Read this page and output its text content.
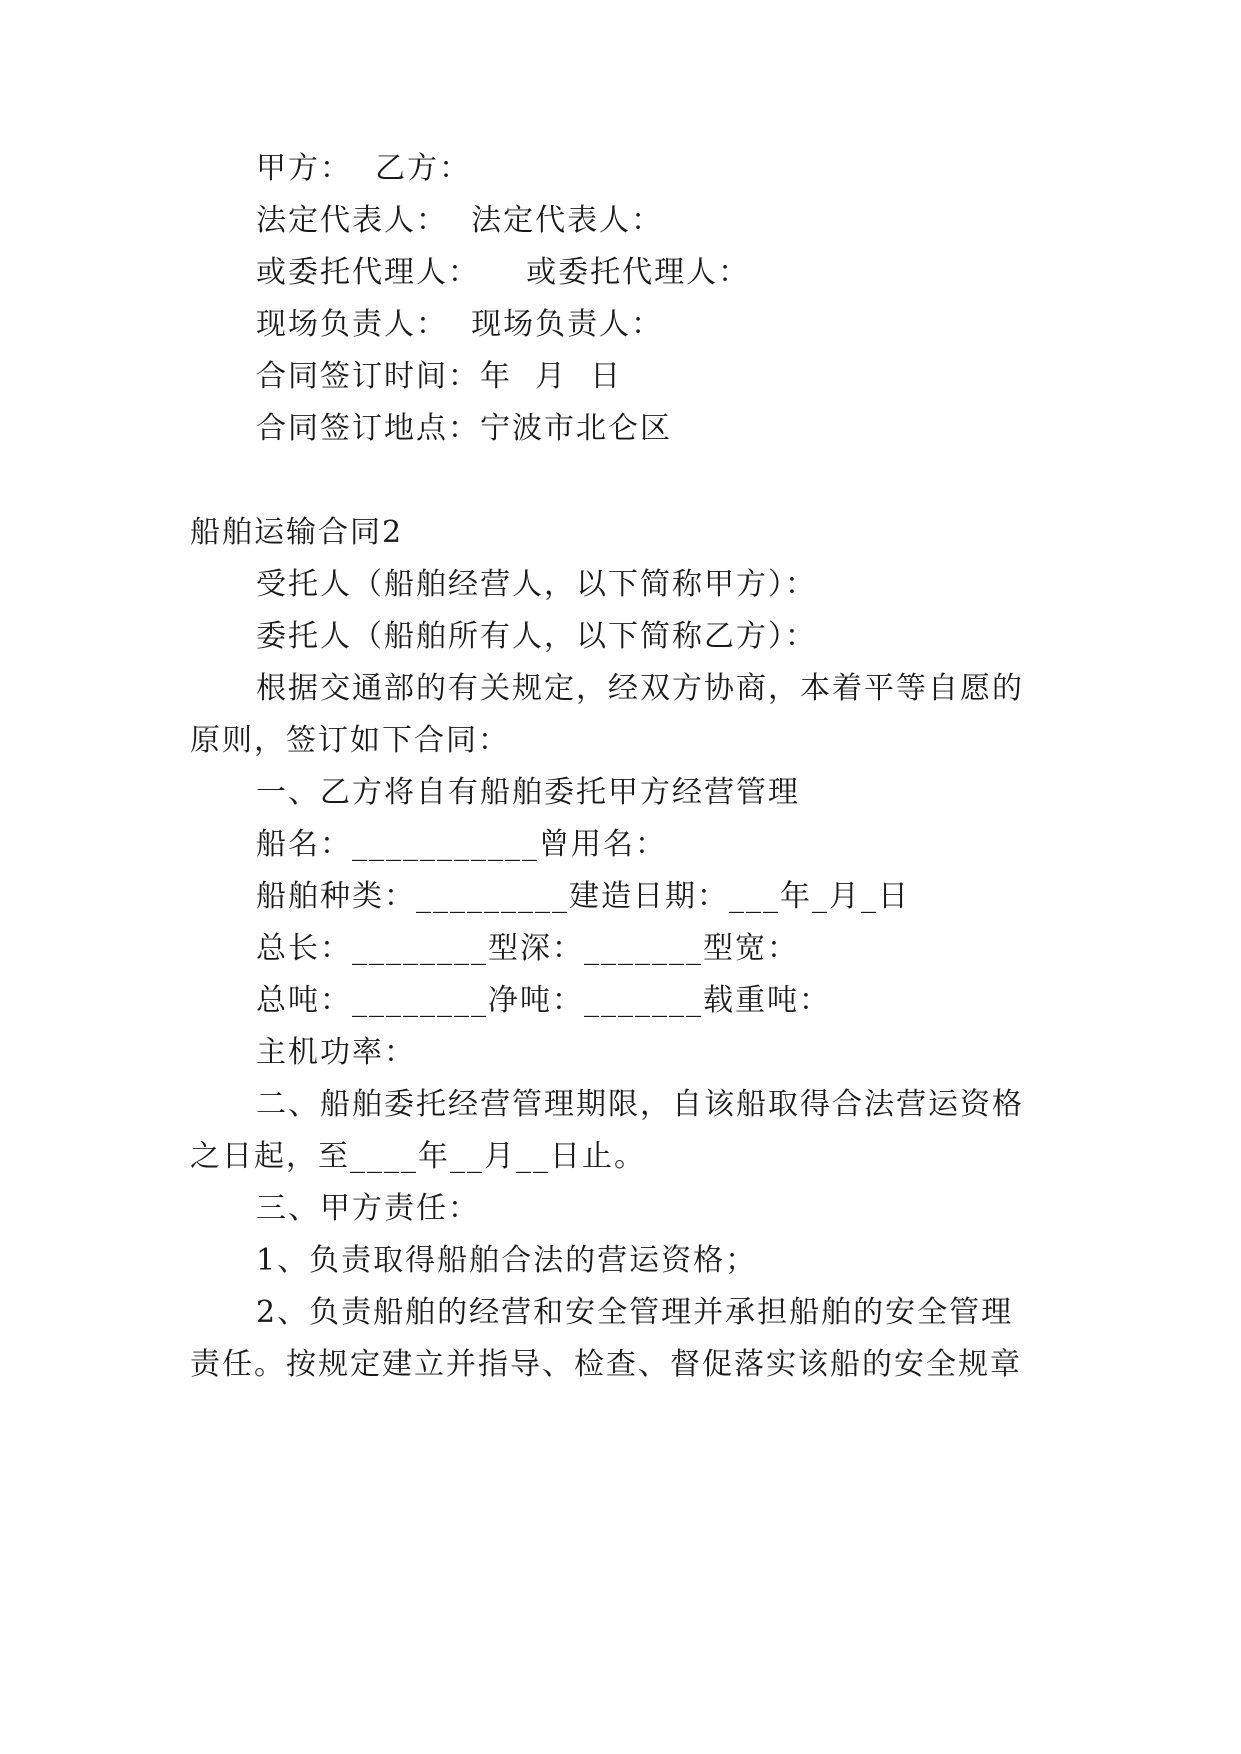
甲方：  乙方：
法定代表人：  法定代表人：
或委托代理人：    或委托代理人：
现场负责人：  现场负责人：
合同签订时间：年  月  日
合同签订地点：宁波市北仑区
船舶运输合同2
受托人（船舶经营人，以下简称甲方）：
委托人（船舶所有人，以下简称乙方）：
根据交通部的有关规定，经双方协商，本着平等自愿的
原则，签订如下合同：
一、乙方将自有船舶委托甲方经营管理
船名：___________曾用名：
船舶种类：_________建造日期：___年_月_日
总长：________型深：_______型宽：
总吨：________净吨：_______载重吨：
主机功率：
二、船舶委托经营管理期限，自该船取得合法营运资格
之日起，至____年__月__日止。
三、甲方责任：
1、负责取得船舶合法的营运资格；
2、负责船舶的经营和安全管理并承担船舶的安全管理
责任。按规定建立并指导、检查、督促落实该船的安全规章
